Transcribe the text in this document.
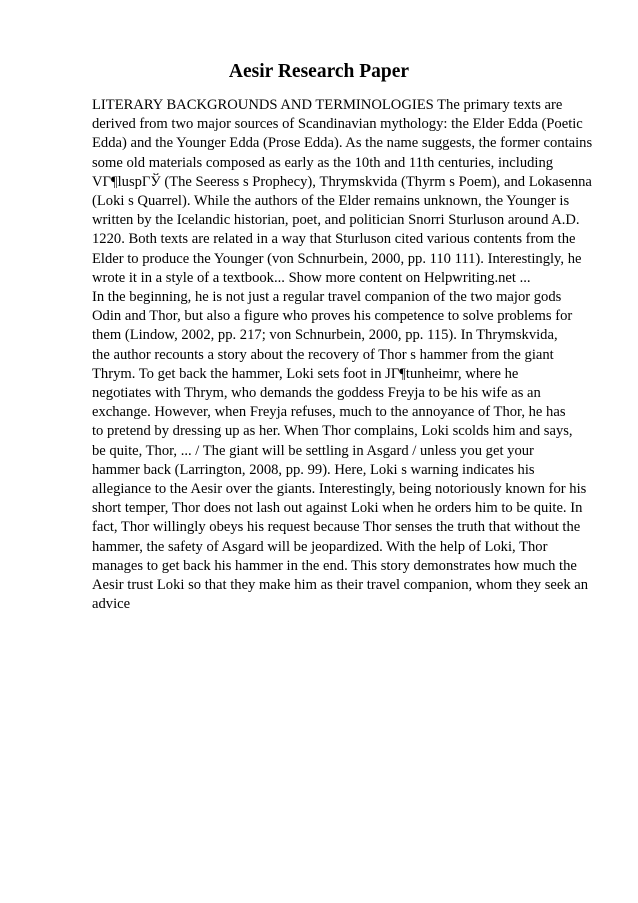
Aesir Research Paper
LITERARY BACKGROUNDS AND TERMINOLOGIES The primary texts are
derived from two major sources of Scandinavian mythology: the Elder Edda (Poetic
Edda) and the Younger Edda (Prose Edda). As the name suggests, the former contains
some old materials composed as early as the 10th and 11th centuries, including
VГ¶luspГЎ (The Seeress s Prophecy), Thrymskvida (Thyrm s Poem), and Lokasenna
(Loki s Quarrel). While the authors of the Elder remains unknown, the Younger is
written by the Icelandic historian, poet, and politician Snorri Sturluson around A.D.
1220. Both texts are related in a way that Sturluson cited various contents from the
Elder to produce the Younger (von Schnurbein, 2000, pp. 110 111). Interestingly, he
wrote it in a style of a textbook... Show more content on Helpwriting.net ...
In the beginning, he is not just a regular travel companion of the two major gods
Odin and Thor, but also a figure who proves his competence to solve problems for
them (Lindow, 2002, pp. 217; von Schnurbein, 2000, pp. 115). In Thrymskvida,
the author recounts a story about the recovery of Thor s hammer from the giant
Thrym. To get back the hammer, Loki sets foot in JГ¶tunheimr, where he
negotiates with Thrym, who demands the goddess Freyja to be his wife as an
exchange. However, when Freyja refuses, much to the annoyance of Thor, he has
to pretend by dressing up as her. When Thor complains, Loki scolds him and says,
be quite, Thor, ... / The giant will be settling in Asgard / unless you get your
hammer back (Larrington, 2008, pp. 99). Here, Loki s warning indicates his
allegiance to the Aesir over the giants. Interestingly, being notoriously known for his
short temper, Thor does not lash out against Loki when he orders him to be quite. In
fact, Thor willingly obeys his request because Thor senses the truth that without the
hammer, the safety of Asgard will be jeopardized. With the help of Loki, Thor
manages to get back his hammer in the end. This story demonstrates how much the
Aesir trust Loki so that they make him as their travel companion, whom they seek an
advice
